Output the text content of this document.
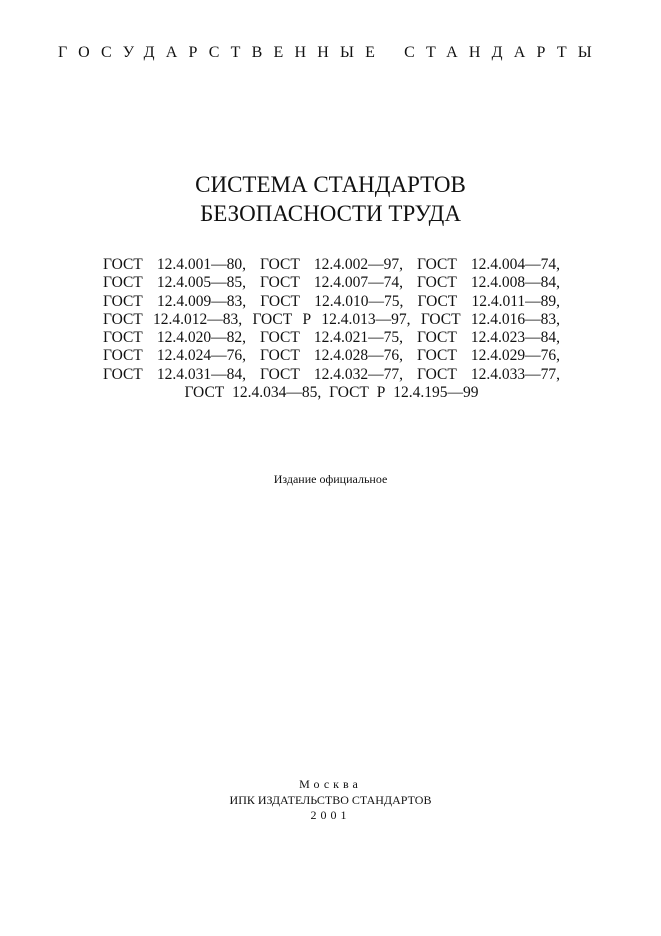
ГОСУДАРСТВЕННЫЕ СТАНДАРТЫ
СИСТЕМА СТАНДАРТОВ
БЕЗОПАСНОСТИ ТРУДА
ГОСТ 12.4.001—80, ГОСТ 12.4.002—97, ГОСТ 12.4.004—74,
ГОСТ 12.4.005—85, ГОСТ 12.4.007—74, ГОСТ 12.4.008—84,
ГОСТ 12.4.009—83, ГОСТ 12.4.010—75, ГОСТ 12.4.011—89,
ГОСТ 12.4.012—83, ГОСТ Р 12.4.013—97, ГОСТ 12.4.016—83,
ГОСТ 12.4.020—82, ГОСТ 12.4.021—75, ГОСТ 12.4.023—84,
ГОСТ 12.4.024—76, ГОСТ 12.4.028—76, ГОСТ 12.4.029—76,
ГОСТ 12.4.031—84, ГОСТ 12.4.032—77, ГОСТ 12.4.033—77,
ГОСТ 12.4.034—85, ГОСТ Р 12.4.195—99
Издание официальное
Москва
ИПК ИЗДАТЕЛЬСТВО СТАНДАРТОВ
2001
